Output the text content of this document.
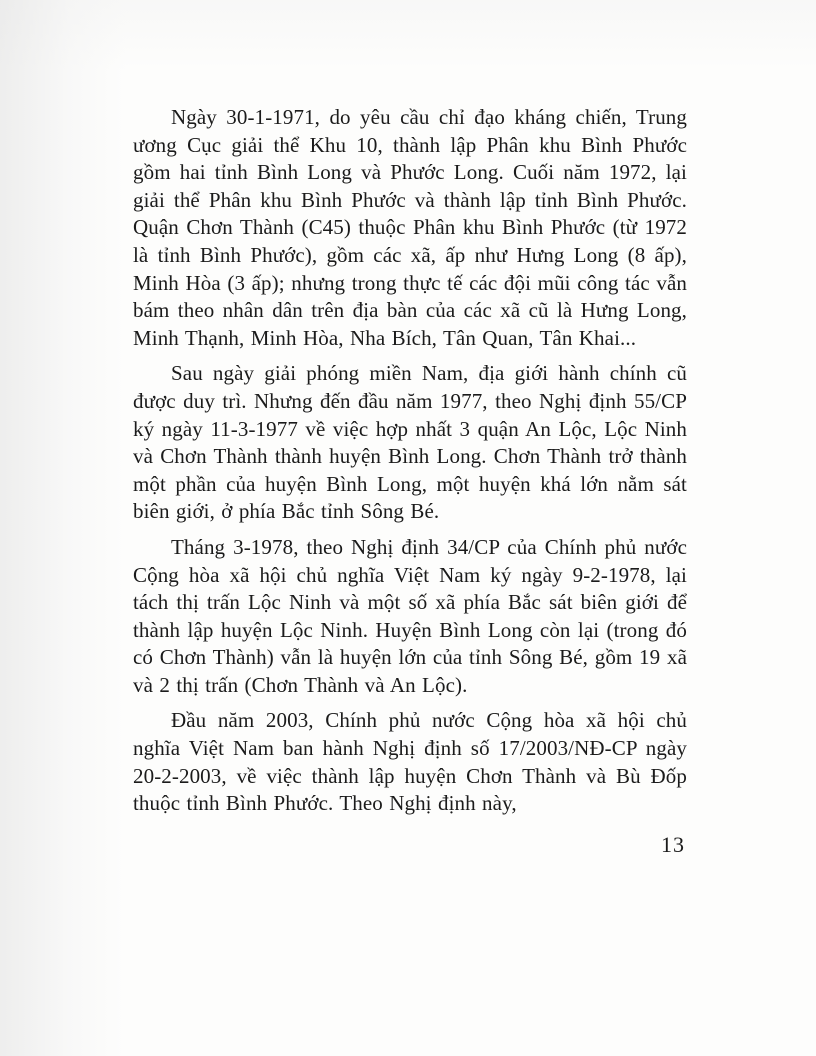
Ngày 30-1-1971, do yêu cầu chỉ đạo kháng chiến, Trung ương Cục giải thể Khu 10, thành lập Phân khu Bình Phước gồm hai tỉnh Bình Long và Phước Long. Cuối năm 1972, lại giải thể Phân khu Bình Phước và thành lập tỉnh Bình Phước. Quận Chơn Thành (C45) thuộc Phân khu Bình Phước (từ 1972 là tỉnh Bình Phước), gồm các xã, ấp như Hưng Long (8 ấp), Minh Hòa (3 ấp); nhưng trong thực tế các đội mũi công tác vẫn bám theo nhân dân trên địa bàn của các xã cũ là Hưng Long, Minh Thạnh, Minh Hòa, Nha Bích, Tân Quan, Tân Khai...

Sau ngày giải phóng miền Nam, địa giới hành chính cũ được duy trì. Nhưng đến đầu năm 1977, theo Nghị định 55/CP ký ngày 11-3-1977 về việc hợp nhất 3 quận An Lộc, Lộc Ninh và Chơn Thành thành huyện Bình Long. Chơn Thành trở thành một phần của huyện Bình Long, một huyện khá lớn nằm sát biên giới, ở phía Bắc tỉnh Sông Bé.

Tháng 3-1978, theo Nghị định 34/CP của Chính phủ nước Cộng hòa xã hội chủ nghĩa Việt Nam ký ngày 9-2-1978, lại tách thị trấn Lộc Ninh và một số xã phía Bắc sát biên giới để thành lập huyện Lộc Ninh. Huyện Bình Long còn lại (trong đó có Chơn Thành) vẫn là huyện lớn của tỉnh Sông Bé, gồm 19 xã và 2 thị trấn (Chơn Thành và An Lộc).

Đầu năm 2003, Chính phủ nước Cộng hòa xã hội chủ nghĩa Việt Nam ban hành Nghị định số 17/2003/NĐ-CP ngày 20-2-2003, về việc thành lập huyện Chơn Thành và Bù Đốp thuộc tỉnh Bình Phước. Theo Nghị định này,

13
